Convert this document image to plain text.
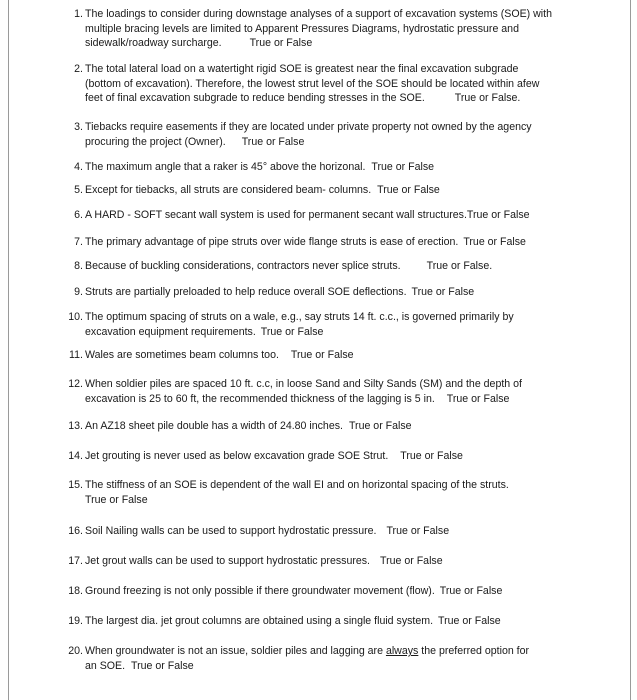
1. The loadings to consider during downstage analyses of a support of excavation systems (SOE) with
multiple bracing levels are limited to Apparent Pressures Diagrams, hydrostatic pressure and
sidewalk/roadway surcharge.	True or False
2. The total lateral load on a watertight rigid SOE is greatest near the final excavation subgrade
(bottom of excavation). Therefore, the lowest strut level of the SOE should be located within afew
feet of final excavation subgrade to reduce bending stresses in the SOE.	True or False.
3. Tiebacks require easements if they are located under private property not owned by the agency
procuring the project (Owner). True or False
4. The maximum angle that a raker is 45° above the horizonal. True or False
5. Except for tiebacks, all struts are considered beam- columns. True or False
6. A HARD - SOFT secant wall system is used for permanent secant wall structures.True or False
7. The primary advantage of pipe struts over wide flange struts is ease of erection. True or False
8. Because of buckling considerations, contractors never splice struts. True or False.
9. Struts are partially preloaded to help reduce overall SOE deflections. True or False
10. The optimum spacing of struts on a wale, e.g., say struts 14 ft. c.c., is governed primarily by
excavation equipment requirements. True or False
11. Wales are sometimes beam columns too. True or False
12. When soldier piles are spaced 10 ft. c.c, in loose Sand and Silty Sands (SM) and the depth of
excavation is 25 to 60 ft, the recommended thickness of the lagging is 5 in. True or False
13. An AZ18 sheet pile double has a width of 24.80 inches. True or False
14. Jet grouting is never used as below excavation grade SOE Strut. True or False
15. The stiffness of an SOE is dependent of the wall EI and on horizontal spacing of the struts.
True or False
16. Soil Nailing walls can be used to support hydrostatic pressure. True or False
17. Jet grout walls can be used to support hydrostatic pressures. True or False
18. Ground freezing is not only possible if there groundwater movement (flow). True or False
19. The largest dia. jet grout columns are obtained using a single fluid system. True or False
20. When groundwater is not an issue, soldier piles and lagging are always the preferred option for
an SOE. True or False
